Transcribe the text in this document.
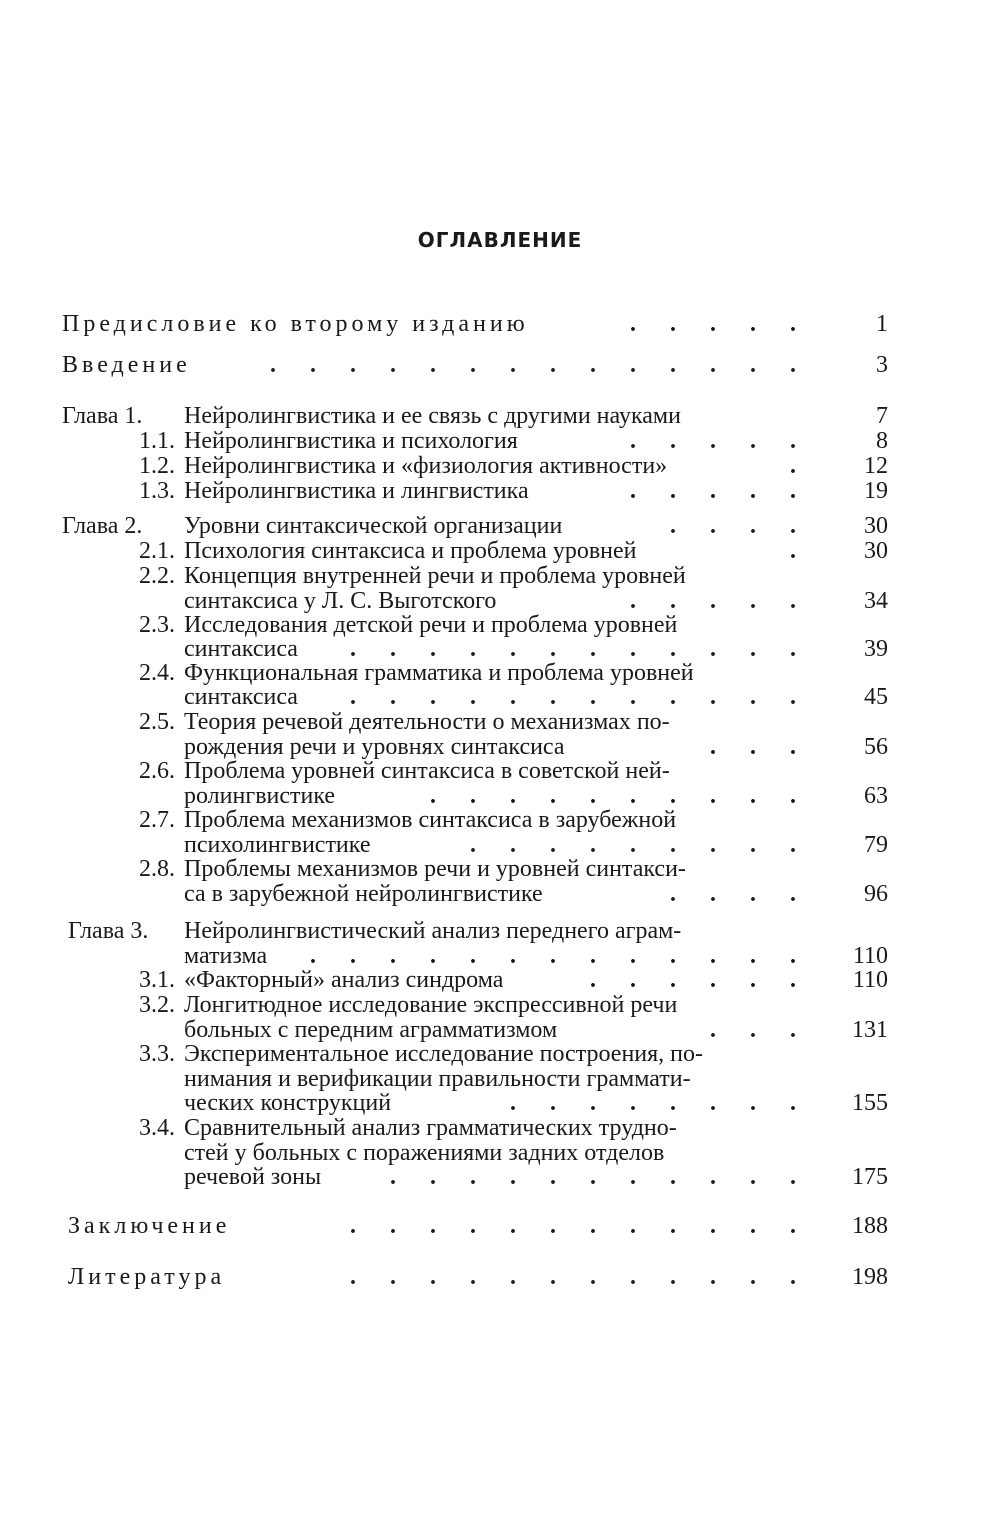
ОГЛАВЛЕНИЕ
Предисловие ко второму изданию	. . . . .	1
Введение	. . . . . . . . . . . . . .	3
Глава 1.	Нейролингвистика и ее связь с другими науками	7
1.1. Нейролингвистика и психология	. . . . .	8
1.2. Нейролингвистика и «физиология активности»	. 12
1.3. Нейролингвистика и лингвистика	. . . . . 19
Глава 2.	Уровни синтаксической организации	. . . . 30
2.1. Психология синтаксиса и проблема уровней	. 30
2.2. Концепция внутренней речи и проблема уровней
синтаксиса у Л. С. Выготского	. . . . . 34
2.3. Исследования детской речи и проблема уровней
синтаксиса . . . . . . . . . . . . 39
2.4. Функциональная грамматика и проблема уровней
синтаксиса . . . . . . . . . . . . 45
2.5. Теория речевой деятельности о механизмах по-
рождения речи и уровнях синтаксиса	. . . 56
2.6. Проблема уровней синтаксиса в советской ней-
ролингвистике	. . . . . . . . . . 63
2.7. Проблема механизмов синтаксиса в зарубежной
психолингвистике	. . . . . . . . . 79
2.8. Проблемы механизмов речи и уровней синтакси-
са в зарубежной нейролингвистике	. . . . 96
Глава 3.	Нейролингвистический анализ переднего аграм-
матизма . . . . . . . . . . . . . 110
3.1. «Факторный» анализ синдрома	. . . . . . 110
3.2. Лонгитюдное исследование экспрессивной речи
больных с передним аграмматизмом	. . . 131
3.3. Экспериментальное исследование построения, по-
нимания и верификации правильности граммати-
ческих конструкций	. . . . . . . . 155
3.4. Сравнительный анализ грамматических трудно-
стей у больных с поражениями задних отделов
речевой зоны	. . . . . . . . . . . 175
Заключение	. . . . . . . . . . . . 188
Литература	. . . . . . . . . . . . 198
